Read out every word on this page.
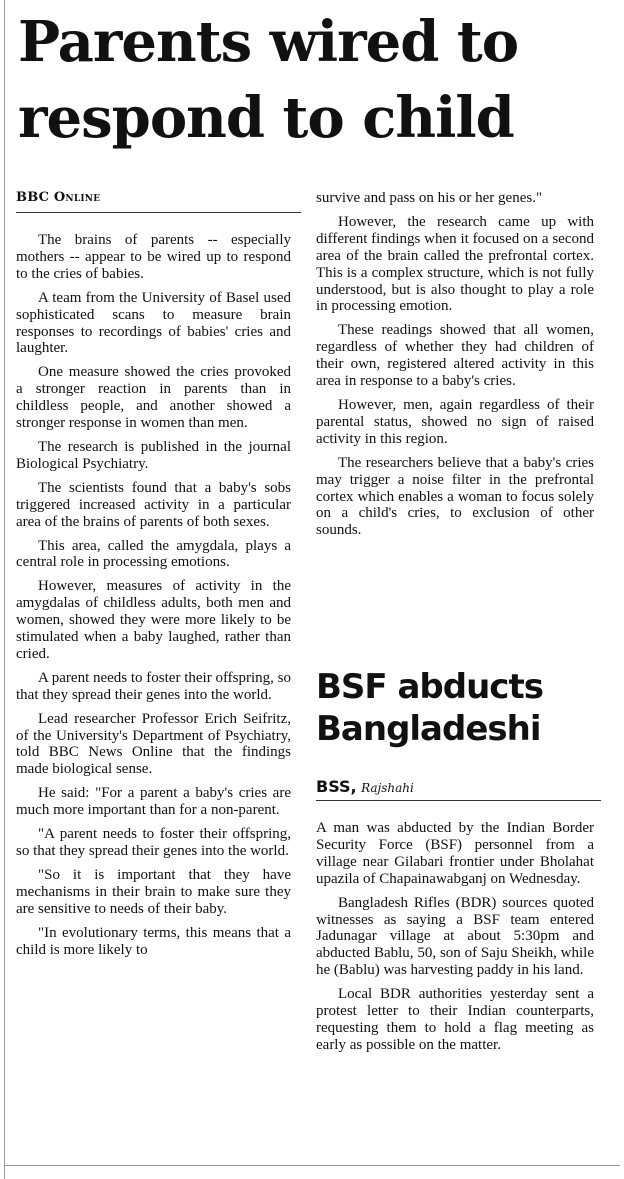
Parents wired to respond to child
BBC Online

The brains of parents -- especially mothers -- appear to be wired up to respond to the cries of babies.

A team from the University of Basel used sophisticated scans to measure brain responses to recordings of babies' cries and laughter.

One measure showed the cries provoked a stronger reaction in parents than in childless people, and another showed a stronger response in women than men.

The research is published in the journal Biological Psychiatry.

The scientists found that a baby's sobs triggered increased activity in a particular area of the brains of parents of both sexes.

This area, called the amygdala, plays a central role in processing emotions.

However, measures of activity in the amygdalas of childless adults, both men and women, showed they were more likely to be stimulated when a baby laughed, rather than cried.

A parent needs to foster their offspring, so that they spread their genes into the world.

Lead researcher Professor Erich Seifritz, of the University's Department of Psychiatry, told BBC News Online that the findings made biological sense.

He said: "For a parent a baby's cries are much more important than for a non-parent.

"A parent needs to foster their offspring, so that they spread their genes into the world.

"So it is important that they have mechanisms in their brain to make sure they are sensitive to needs of their baby.

"In evolutionary terms, this means that a child is more likely to

survive and pass on his or her genes."

However, the research came up with different findings when it focused on a second area of the brain called the prefrontal cortex. This is a complex structure, which is not fully understood, but is also thought to play a role in processing emotion.

These readings showed that all women, regardless of whether they had children of their own, registered altered activity in this area in response to a baby's cries.

However, men, again regardless of their parental status, showed no sign of raised activity in this region.

The researchers believe that a baby's cries may trigger a noise filter in the prefrontal cortex which enables a woman to focus solely on a child's cries, to exclusion of other sounds.

BSF abducts Bangladeshi
BSS, Rajshahi

A man was abducted by the Indian Border Security Force (BSF) personnel from a village near Gilabari frontier under Bholahat upazila of Chapainawabganj on Wednesday.

Bangladesh Rifles (BDR) sources quoted witnesses as saying a BSF team entered Jadunagar village at about 5:30pm and abducted Bablu, 50, son of Saju Sheikh, while he (Bablu) was harvesting paddy in his land.

Local BDR authorities yesterday sent a protest letter to their Indian counterparts, requesting them to hold a flag meeting as early as possible on the matter.
